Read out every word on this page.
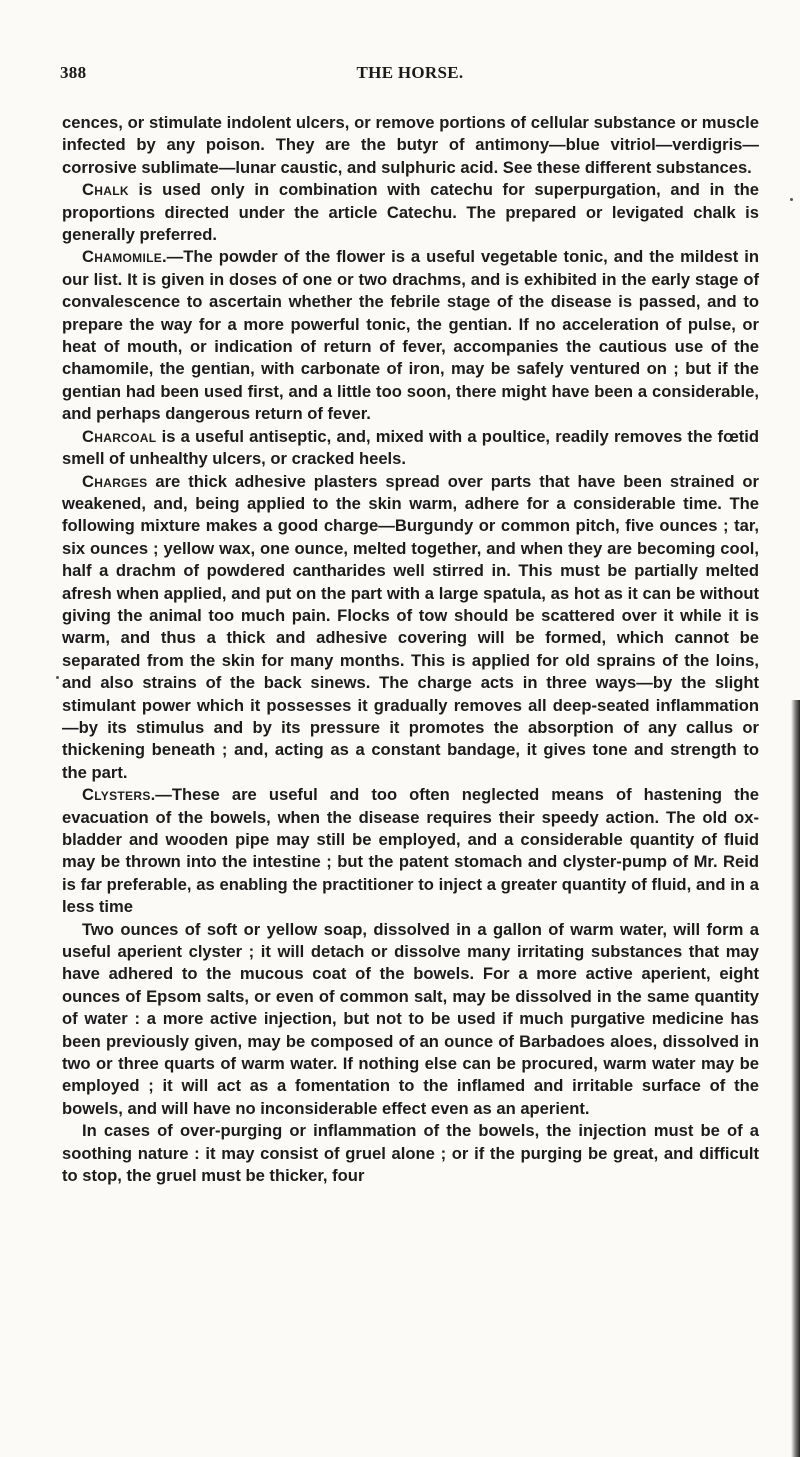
388	THE HORSE.

cences, or stimulate indolent ulcers, or remove portions of cellular substance or muscle infected by any poison. They are the butyr of antimony—blue vitriol—verdigris—corrosive sublimate—lunar caustic, and sulphuric acid. See these different substances.

Chalk is used only in combination with catechu for superpurgation, and in the proportions directed under the article Catechu. The prepared or levigated chalk is generally preferred.

Chamomile.—The powder of the flower is a useful vegetable tonic, and the mildest in our list. It is given in doses of one or two drachms, and is exhibited in the early stage of convalescence to ascertain whether the febrile stage of the disease is passed, and to prepare the way for a more powerful tonic, the gentian. If no acceleration of pulse, or heat of mouth, or indication of return of fever, accompanies the cautious use of the chamomile, the gentian, with carbonate of iron, may be safely ventured on ; but if the gentian had been used first, and a little too soon, there might have been a considerable, and perhaps dangerous return of fever.

Charcoal is a useful antiseptic, and, mixed with a poultice, readily removes the fœtid smell of unhealthy ulcers, or cracked heels.

Charges are thick adhesive plasters spread over parts that have been strained or weakened, and, being applied to the skin warm, adhere for a considerable time. The following mixture makes a good charge—Burgundy or common pitch, five ounces ; tar, six ounces ; yellow wax, one ounce, melted together, and when they are becoming cool, half a drachm of powdered cantharides well stirred in. This must be partially melted afresh when applied, and put on the part with a large spatula, as hot as it can be without giving the animal too much pain. Flocks of tow should be scattered over it while it is warm, and thus a thick and adhesive covering will be formed, which cannot be separated from the skin for many months. This is applied for old sprains of the loins, and also strains of the back sinews. The charge acts in three ways—by the slight stimulant power which it possesses it gradually removes all deep-seated inflammation—by its stimulus and by its pressure it promotes the absorption of any callus or thickening beneath ; and, acting as a constant bandage, it gives tone and strength to the part.

Clysters.—These are useful and too often neglected means of hastening the evacuation of the bowels, when the disease requires their speedy action. The old ox-bladder and wooden pipe may still be employed, and a considerable quantity of fluid may be thrown into the intestine ; but the patent stomach and clyster-pump of Mr. Reid is far preferable, as enabling the practitioner to inject a greater quantity of fluid, and in a less time

Two ounces of soft or yellow soap, dissolved in a gallon of warm water, will form a useful aperient clyster ; it will detach or dissolve many irritating substances that may have adhered to the mucous coat of the bowels. For a more active aperient, eight ounces of Epsom salts, or even of common salt, may be dissolved in the same quantity of water : a more active injection, but not to be used if much purgative medicine has been previously given, may be composed of an ounce of Barbadoes aloes, dissolved in two or three quarts of warm water. If nothing else can be procured, warm water may be employed ; it will act as a fomentation to the inflamed and irritable surface of the bowels, and will have no inconsiderable effect even as an aperient.

In cases of over-purging or inflammation of the bowels, the injection must be of a soothing nature : it may consist of gruel alone ; or if the purging be great, and difficult to stop, the gruel must be thicker, four
